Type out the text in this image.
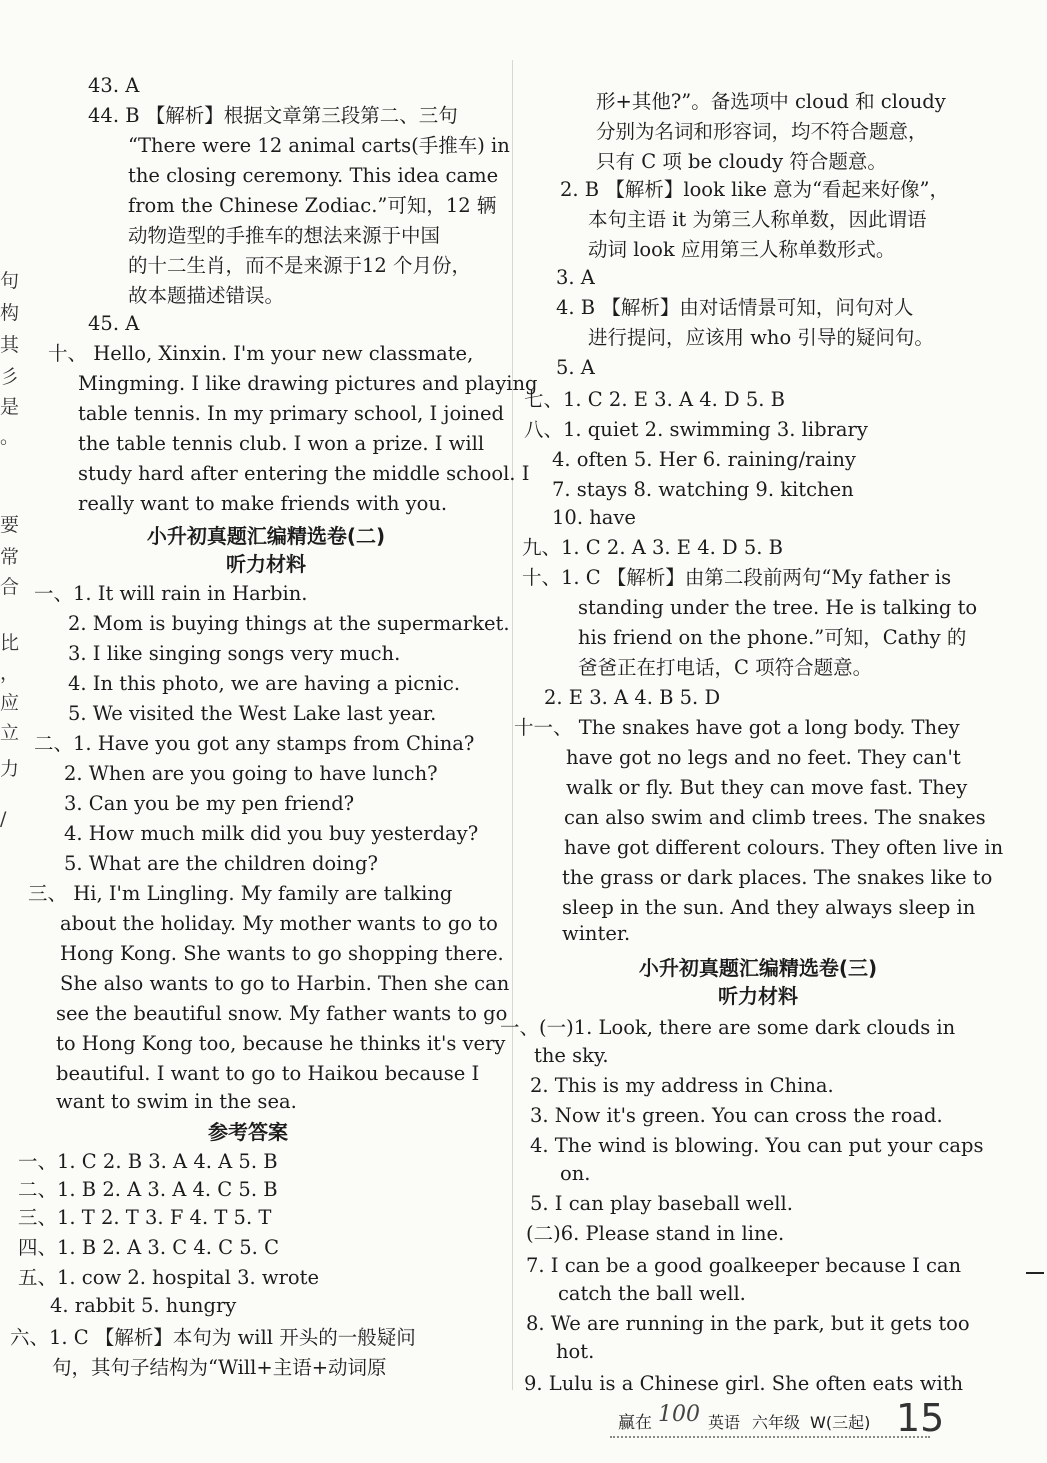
句
构
其
彡
是
。
要
常
合
比
，
应
立
力
/
43. A
44. B 【解析】根据文章第三段第二、三句
“There were 12 animal carts(手推车) in
the closing ceremony. This idea came
from the Chinese Zodiac.”可知，12 辆
动物造型的手推车的想法来源于中国
的十二生肖，而不是来源于12 个月份，
故本题描述错误。
45. A
十、 Hello, Xinxin. I'm your new classmate,
Mingming. I like drawing pictures and playing
table tennis. In my primary school, I joined
the table tennis club. I won a prize. I will
study hard after entering the middle school. I
really want to make friends with you.
小升初真题汇编精选卷(二)
听力材料
一、1. It will rain in Harbin.
2. Mom is buying things at the supermarket.
3. I like singing songs very much.
4. In this photo, we are having a picnic.
5. We visited the West Lake last year.
二、1. Have you got any stamps from China?
2. When are you going to have lunch?
3. Can you be my pen friend?
4. How much milk did you buy yesterday?
5. What are the children doing?
三、 Hi, I'm Lingling. My family are talking
about the holiday. My mother wants to go to
Hong Kong. She wants to go shopping there.
She also wants to go to Harbin. Then she can
see the beautiful snow. My father wants to go
to Hong Kong too, because he thinks it's very
beautiful. I want to go to Haikou because I
want to swim in the sea.
参考答案
一、1. C 2. B 3. A 4. A 5. B
二、1. B 2. A 3. A 4. C 5. B
三、1. T 2. T 3. F 4. T 5. T
四、1. B 2. A 3. C 4. C 5. C
五、1. cow 2. hospital 3. wrote
4. rabbit 5. hungry
六、1. C 【解析】本句为 will 开头的一般疑问
句，其句子结构为“Will+主语+动词原
形+其他?”。备选项中 cloud 和 cloudy
分别为名词和形容词，均不符合题意，
只有 C 项 be cloudy 符合题意。
2. B 【解析】look like 意为“看起来好像”，
本句主语 it 为第三人称单数，因此谓语
动词 look 应用第三人称单数形式。
3. A
4. B 【解析】由对话情景可知，问句对人
进行提问，应该用 who 引导的疑问句。
5. A
七、1. C 2. E 3. A 4. D 5. B
八、1. quiet 2. swimming 3. library
4. often 5. Her 6. raining/rainy
7. stays 8. watching 9. kitchen
10. have
九、1. C 2. A 3. E 4. D 5. B
十、1. C 【解析】由第二段前两句“My father is
standing under the tree. He is talking to
his friend on the phone.”可知，Cathy 的
爸爸正在打电话，C 项符合题意。
2. E 3. A 4. B 5. D
十一、 The snakes have got a long body. They
have got no legs and no feet. They can't
walk or fly. But they can move fast. They
can also swim and climb trees. The snakes
have got different colours. They often live in
the grass or dark places. The snakes like to
sleep in the sun. And they always sleep in
winter.
小升初真题汇编精选卷(三)
听力材料
一、(一)1. Look, there are some dark clouds in
the sky.
2. This is my address in China.
3. Now it's green. You can cross the road.
4. The wind is blowing. You can put your caps
on.
5. I can play baseball well.
(二)6. Please stand in line.
7. I can be a good goalkeeper because I can
catch the ball well.
8. We are running in the park, but it gets too
hot.
9. Lulu is a Chinese girl. She often eats with
赢在 100 英语 六年级 W(三起) 15
